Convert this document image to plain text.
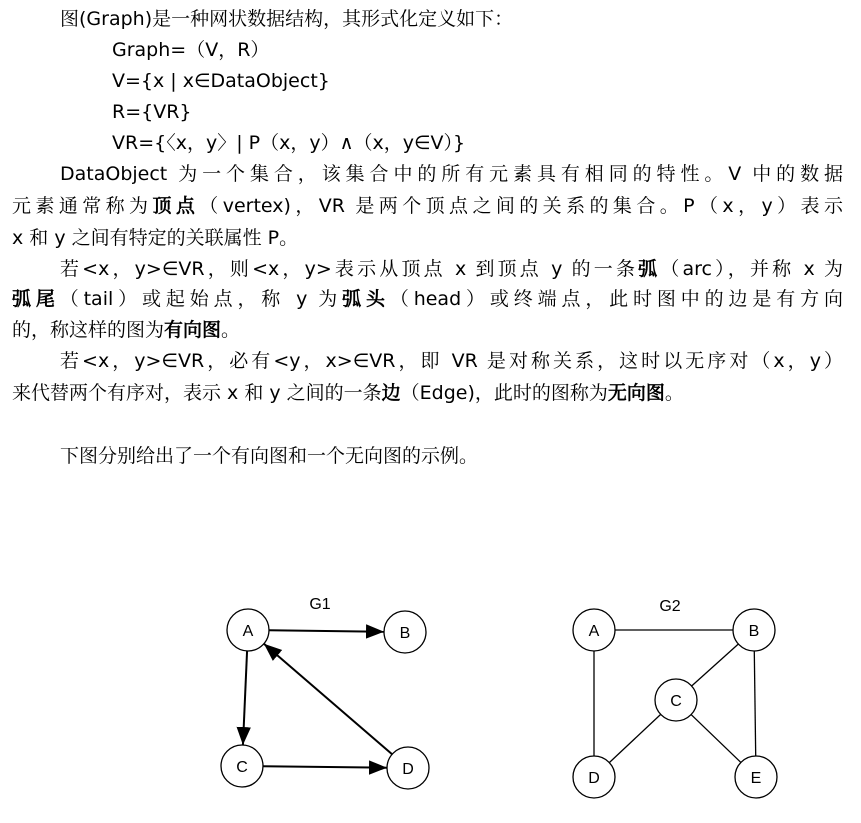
图(Graph)是一种网状数据结构，其形式化定义如下：
Graph=（V，R）
V={x | x∈DataObject}
R={VR}
VR={〈x，y〉| P（x，y）∧（x，y∈V）}
DataObject 为一个集合，该集合中的所有元素具有相同的特性。V 中的数据
元素通常称为顶点（vertex)，VR 是两个顶点之间的关系的集合。P（x，y）表示
x 和 y 之间有特定的关联属性 P。
若<x，y>∈VR，则<x，y>表示从顶点 x 到顶点 y 的一条弧（arc），并称 x 为
弧尾（tail）或起始点，称 y 为弧头（head）或终端点，此时图中的边是有方向
的，称这样的图为有向图。
若<x，y>∈VR，必有<y，x>∈VR，即 VR 是对称关系，这时以无序对（x，y）
来代替两个有序对，表示 x 和 y 之间的一条边（Edge)，此时的图称为无向图。
下图分别给出了一个有向图和一个无向图的示例。
A	B
C	D
G1
A	B
C
D	E
G2
